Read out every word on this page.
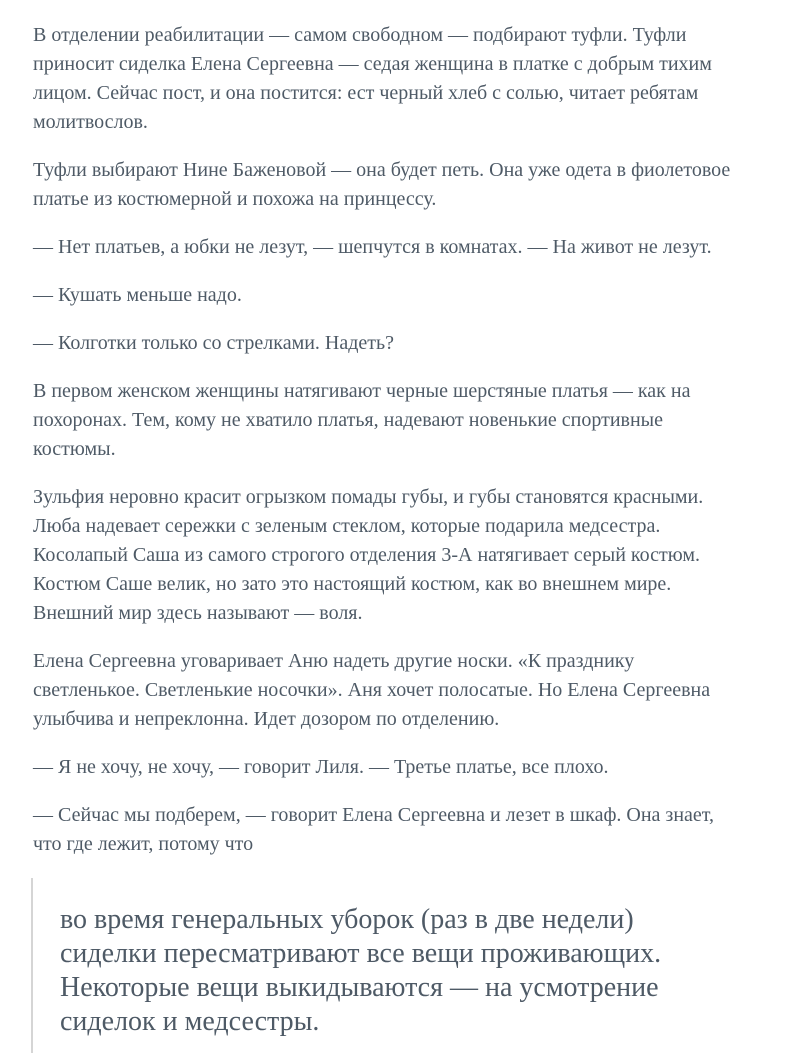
В отделении реабилитации — самом свободном — подбирают туфли. Туфли приносит сиделка Елена Сергеевна — седая женщина в платке с добрым тихим лицом. Сейчас пост, и она постится: ест черный хлеб с солью, читает ребятам молитвослов.

Туфли выбирают Нине Баженовой — она будет петь. Она уже одета в фиолетовое платье из костюмерной и похожа на принцессу.

— Нет платьев, а юбки не лезут, — шепчутся в комнатах. — На живот не лезут.

— Кушать меньше надо.

— Колготки только со стрелками. Надеть?

В первом женском женщины натягивают черные шерстяные платья — как на похоронах. Тем, кому не хватило платья, надевают новенькие спортивные костюмы.

Зульфия неровно красит огрызком помады губы, и губы становятся красными. Люба надевает сережки с зеленым стеклом, которые подарила медсестра. Косолапый Саша из самого строгого отделения 3-А натягивает серый костюм. Костюм Саше велик, но зато это настоящий костюм, как во внешнем мире. Внешний мир здесь называют — воля.

Елена Сергеевна уговаривает Аню надеть другие носки. «К празднику светленькое. Светленькие носочки». Аня хочет полосатые. Но Елена Сергеевна улыбчива и непреклонна. Идет дозором по отделению.

— Я не хочу, не хочу, — говорит Лиля. — Третье платье, все плохо.

— Сейчас мы подберем, — говорит Елена Сергеевна и лезет в шкаф. Она знает, что где лежит, потому что

во время генеральных уборок (раз в две недели) сиделки пересматривают все вещи проживающих. Некоторые вещи выкидываются — на усмотрение сиделок и медсестры.
